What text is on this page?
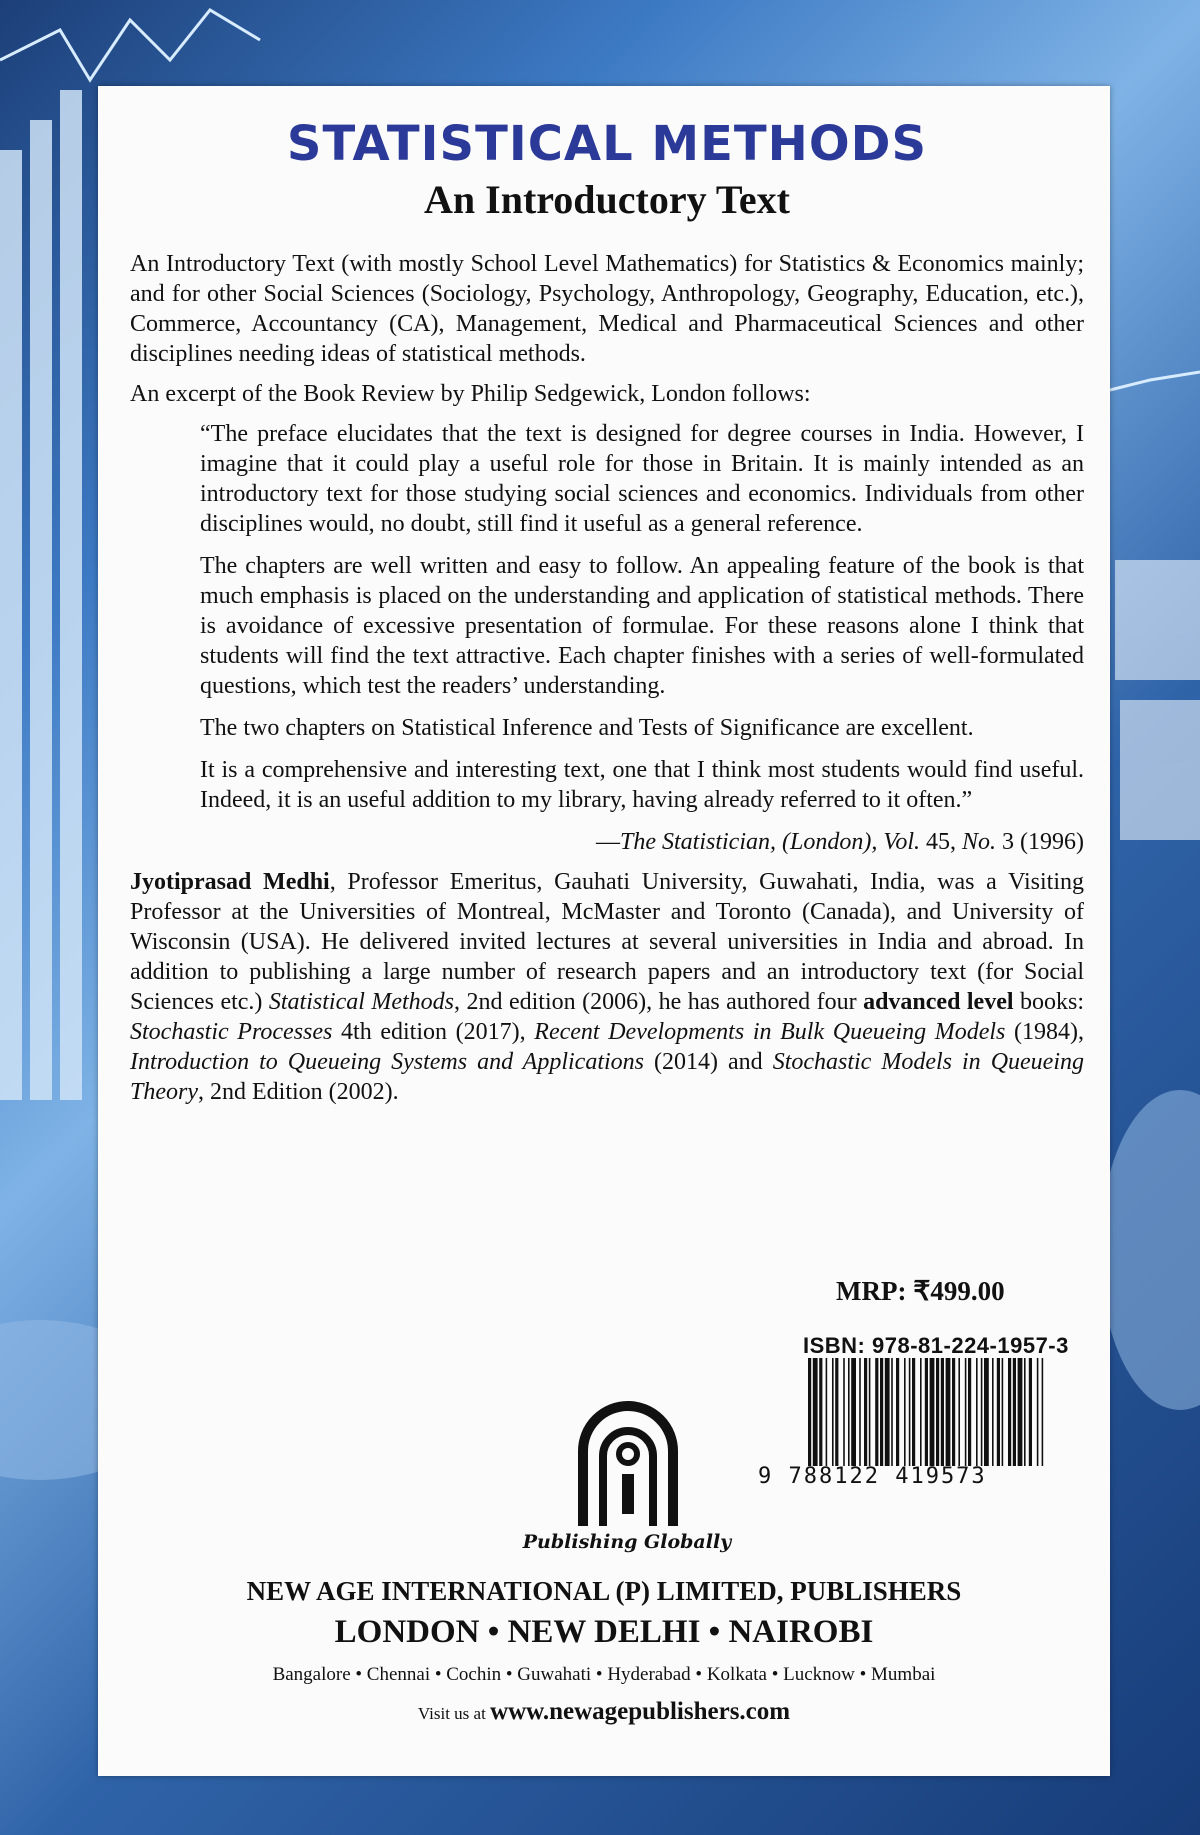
STATISTICAL METHODS
An Introductory Text

An Introductory Text (with mostly School Level Mathematics) for Statistics & Economics mainly; and for other Social Sciences (Sociology, Psychology, Anthropology, Geography, Education, etc.), Commerce, Accountancy (CA), Management, Medical and Pharmaceutical Sciences and other disciplines needing ideas of statistical methods.

An excerpt of the Book Review by Philip Sedgewick, London follows:

“The preface elucidates that the text is designed for degree courses in India. However, I imagine that it could play a useful role for those in Britain. It is mainly intended as an introductory text for those studying social sciences and economics. Individuals from other disciplines would, no doubt, still find it useful as a general reference.

The chapters are well written and easy to follow. An appealing feature of the book is that much emphasis is placed on the understanding and application of statistical methods. There is avoidance of excessive presentation of formulae. For these reasons alone I think that students will find the text attractive. Each chapter finishes with a series of well-formulated questions, which test the readers’ understanding.

The two chapters on Statistical Inference and Tests of Significance are excellent.

It is a comprehensive and interesting text, one that I think most students would find useful. Indeed, it is an useful addition to my library, having already referred to it often.”

—The Statistician, (London), Vol. 45, No. 3 (1996)

Jyotiprasad Medhi, Professor Emeritus, Gauhati University, Guwahati, India, was a Visiting Professor at the Universities of Montreal, McMaster and Toronto (Canada), and University of Wisconsin (USA). He delivered invited lectures at several universities in India and abroad. In addition to publishing a large number of research papers and an introductory text (for Social Sciences etc.) Statistical Methods, 2nd edition (2006), he has authored four advanced level books: Stochastic Processes 4th edition (2017), Recent Developments in Bulk Queueing Models (1984), Introduction to Queueing Systems and Applications (2014) and Stochastic Models in Queueing Theory, 2nd Edition (2002).

MRP: ₹499.00
ISBN: 978-81-224-1957-3
9 788122 419573
Publishing Globally
NEW AGE INTERNATIONAL (P) LIMITED, PUBLISHERS
LONDON • NEW DELHI • NAIROBI
Bangalore • Chennai • Cochin • Guwahati • Hyderabad • Kolkata • Lucknow • Mumbai
Visit us at www.newagepublishers.com
